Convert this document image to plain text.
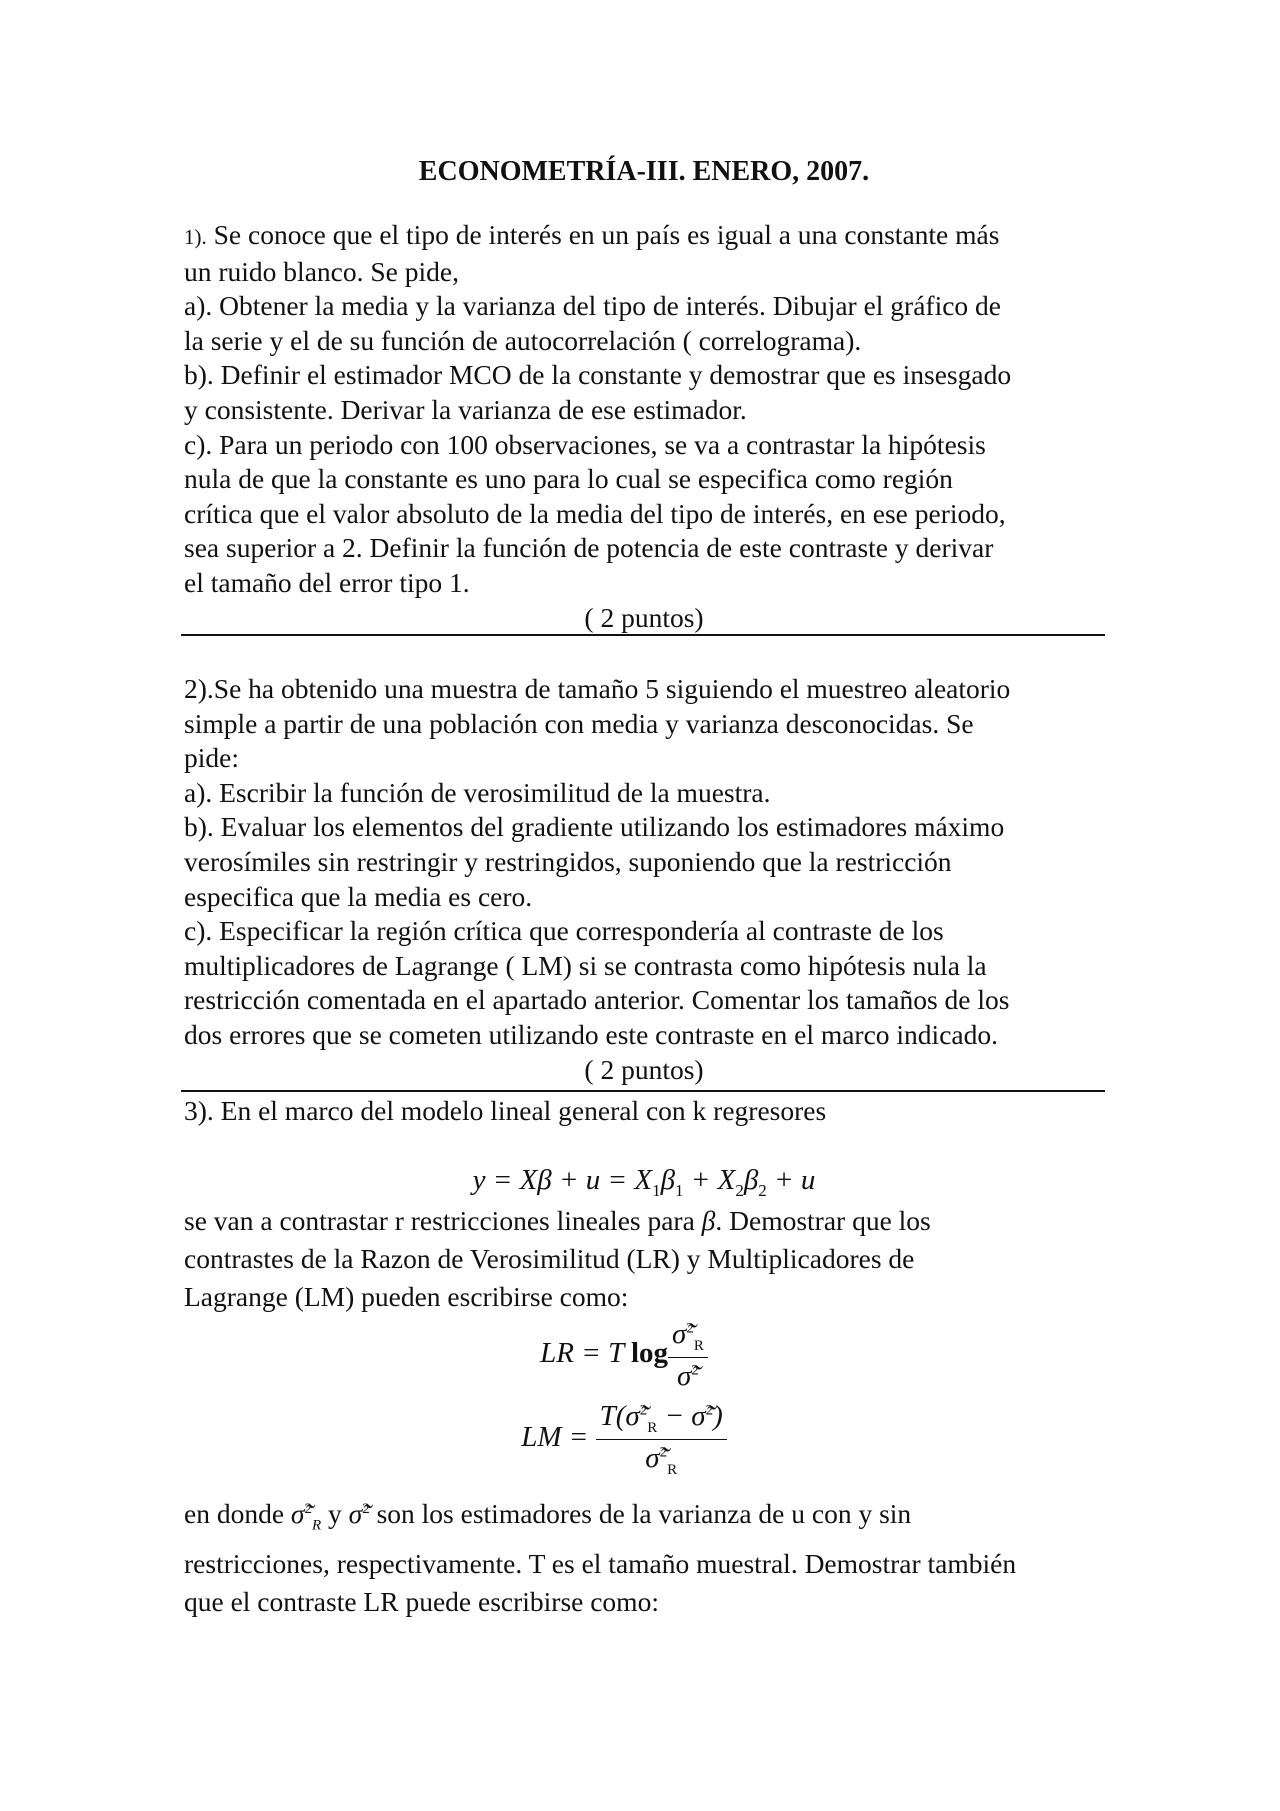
ECONOMETRÍA-III. ENERO, 2007.

1). Se conoce que el tipo de interés en un país es igual a una constante más

un ruido blanco. Se pide,

a). Obtener la media y la varianza del tipo de interés. Dibujar el gráfico de

la serie y el de su función de autocorrelación ( correlograma).

b). Definir el estimador MCO de la constante y demostrar que es insesgado

y consistente. Derivar la varianza de ese estimador.

c). Para un periodo con 100 observaciones, se va a contrastar la hipótesis

nula de que la constante es uno para lo cual se especifica como región

crítica que el valor absoluto de la media del tipo de interés, en ese periodo,

sea superior a 2. Definir la función de potencia de este contraste y derivar

el tamaño del error tipo 1.

( 2 puntos)

2).Se ha obtenido una muestra de tamaño 5 siguiendo el muestreo aleatorio

simple a partir de una población con media y varianza desconocidas. Se

pide:

a). Escribir la función de verosimilitud de la muestra.

b). Evaluar los elementos del gradiente utilizando los estimadores máximo

verosímiles sin restringir y restringidos, suponiendo que la restricción

especifica que la media es cero.

c). Especificar la región crítica que correspondería al contraste de los

multiplicadores de Lagrange ( LM) si se contrasta como hipótesis nula la

restricción comentada en el apartado anterior. Comentar los tamaños de los

dos errores que se cometen utilizando este contraste en el marco indicado.

( 2 puntos)

3). En el marco del modelo lineal general con k regresores

$y = X\beta + u = X_1\beta_1 + X_2\beta_2 + u$

se van a contrastar r restricciones lineales para β. Demostrar que los

contrastes de la Razon de Verosimilitud (LR) y Multiplicadores de

Lagrange (LM) pueden escribirse como:

LR = T $\log \frac{\sigmã^2_R}{\sigmã^2}$
LM = $\frac{T(\sigmã^2_R - \sigmã^2)}{\sigmã^2_R}$

en donde σ̃$^2_R$ y σ̃$^2$ son los estimadores de la varianza de u con y sin

restricciones, respectivamente. T es el tamaño muestral. Demostrar también

que el contraste LR puede escribirse como:
